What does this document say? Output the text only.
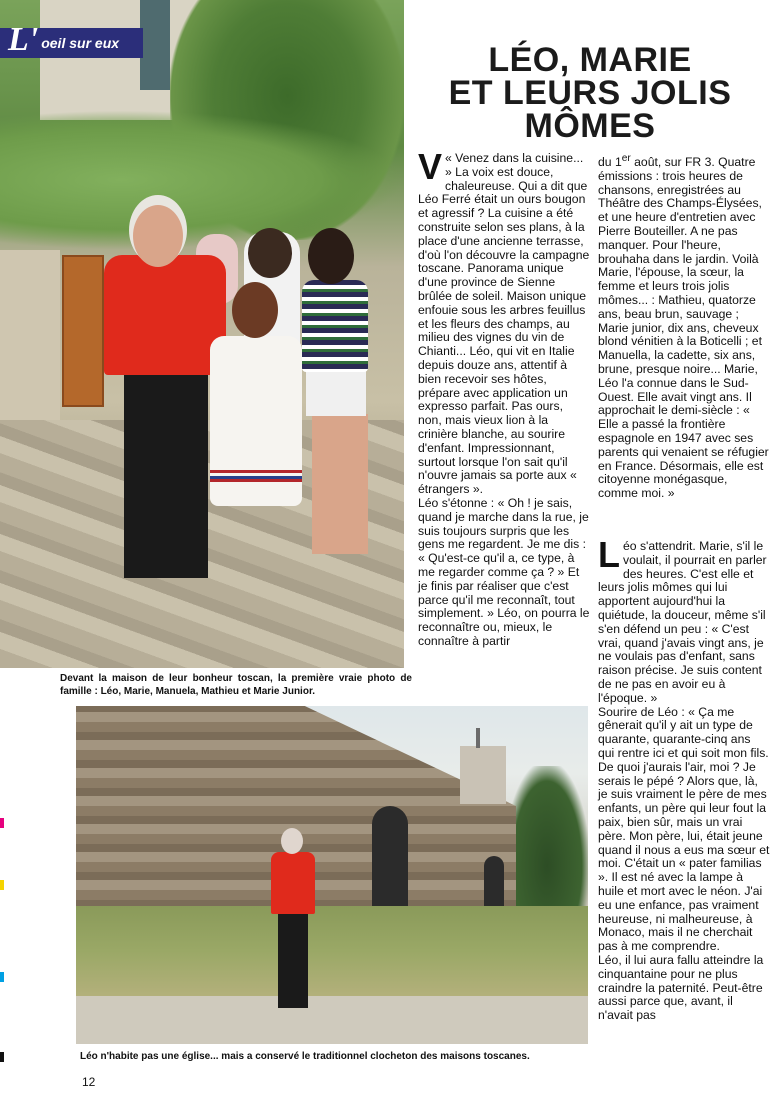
L' oeil sur eux
Devant la maison de leur bonheur toscan, la première vraie photo de famille : Léo, Marie, Manuela, Mathieu et Marie Junior.
LÉO, MARIE
ET LEURS JOLIS
MÔMES

V « Venez dans la cuisine... » La voix est douce, chaleureuse. Qui a dit que Léo Ferré était un ours bougon et agressif ? La cuisine a été construite selon ses plans, à la place d'une ancienne terrasse, d'où l'on découvre la campagne toscane. Panorama unique d'une province de Sienne brûlée de soleil. Maison unique enfouie sous les arbres feuillus et les fleurs des champs, au milieu des vignes du vin de Chianti... Léo, qui vit en Italie depuis douze ans, attentif à bien recevoir ses hôtes, prépare avec application un expresso parfait. Pas ours, non, mais vieux lion à la crinière blanche, au sourire d'enfant. Impressionnant, surtout lorsque l'on sait qu'il n'ouvre jamais sa porte aux « étrangers ».

Léo s'étonne : « Oh ! je sais, quand je marche dans la rue, je suis toujours surpris que les gens me regardent. Je me dis : « Qu'est-ce qu'il a, ce type, à me regarder comme ça ? » Et je finis par réaliser que c'est parce qu'il me reconnaît, tout simplement. » Léo, on pourra le reconnaître ou, mieux, le connaître à partir

du 1er août, sur FR 3. Quatre émissions : trois heures de chansons, enregistrées au Théâtre des Champs-Élysées, et une heure d'entretien avec Pierre Bouteiller. A ne pas manquer. Pour l'heure, brouhaha dans le jardin. Voilà Marie, l'épouse, la sœur, la femme et leurs trois jolis mômes... : Mathieu, quatorze ans, beau brun, sauvage ; Marie junior, dix ans, cheveux blond vénitien à la Boticelli ; et Manuella, la cadette, six ans, brune, presque noire... Marie, Léo l'a connue dans le Sud-Ouest. Elle avait vingt ans. Il approchait le demi-siècle : « Elle a passé la frontière espagnole en 1947 avec ses parents qui venaient se réfugier en France. Désormais, elle est citoyenne monégasque, comme moi. »

Léo s'attendrit. Marie, s'il le voulait, il pourrait en parler des heures. C'est elle et leurs jolis mômes qui lui apportent aujourd'hui la quiétude, la douceur, même s'il s'en défend un peu : « C'est vrai, quand j'avais vingt ans, je ne voulais pas d'enfant, sans raison précise. Je suis content de ne pas en avoir eu à l'époque. »

Sourire de Léo : « Ça me gênerait qu'il y ait un type de quarante, quarante-cinq ans qui rentre ici et qui soit mon fils. De quoi j'aurais l'air, moi ? Je serais le pépé ? Alors que, là, je suis vraiment le père de mes enfants, un père qui leur fout la paix, bien sûr, mais un vrai père. Mon père, lui, était jeune quand il nous a eus ma sœur et moi. C'était un « pater familias ». Il est né avec la lampe à huile et mort avec le néon. J'ai eu une enfance, pas vraiment heureuse, ni malheureuse, à Monaco, mais il ne cherchait pas à me comprendre.

Léo, il lui aura fallu atteindre la cinquantaine pour ne plus craindre la paternité. Peut-être aussi parce que, avant, il n'avait pas

Léo n'habite pas une église... mais a conservé le traditionnel clocheton des maisons toscanes.
12
